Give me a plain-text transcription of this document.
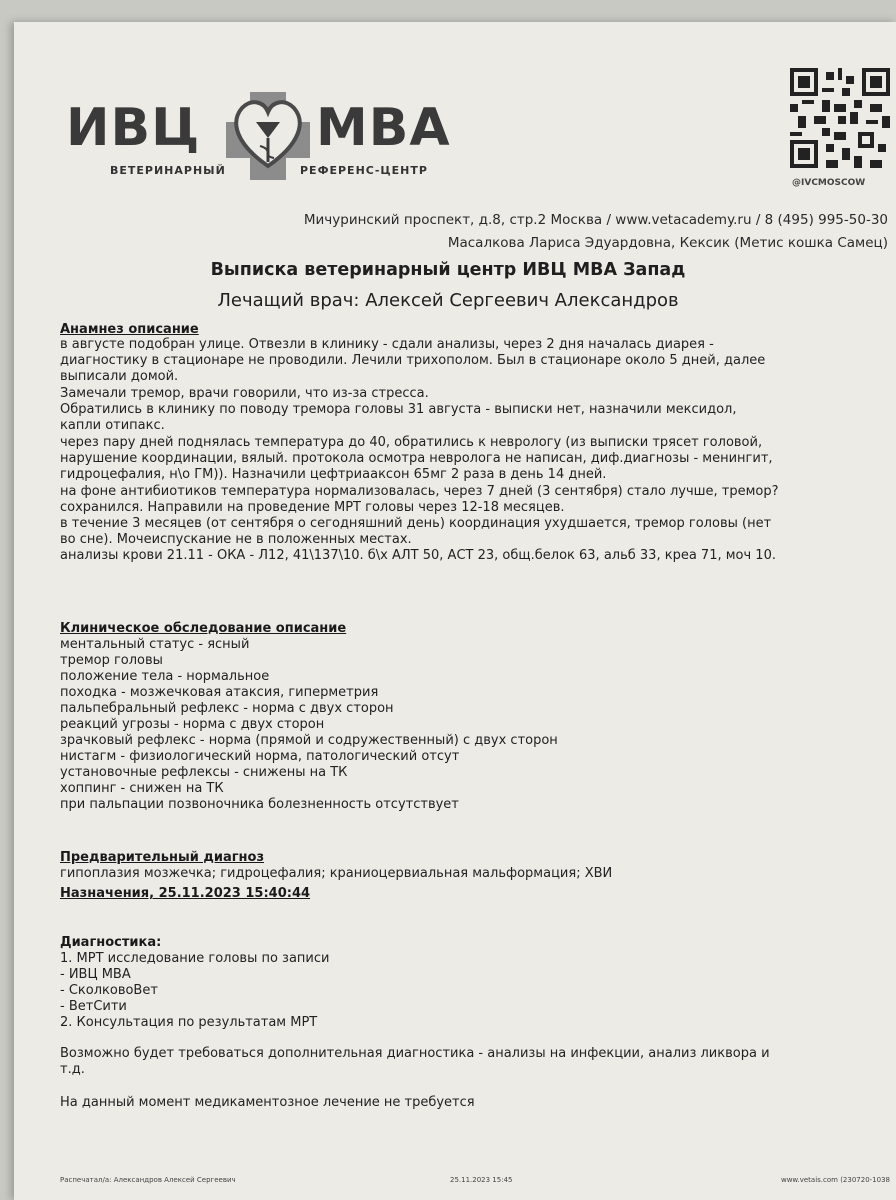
ИВЦ МВА
ВЕТЕРИНАРНЫЙ	РЕФЕРЕНС-ЦЕНТР
@IVCMOSCOW
Мичуринский проспект, д.8, стр.2 Москва / www.vetacademy.ru / 8 (495) 995-50-30
Масалкова Лариса Эдуардовна, Кексик (Метис кошка Самец)
Выписка ветеринарный центр ИВЦ МВА Запад
Лечащий врач: Алексей Сергеевич Александров
Анамнез описание
в августе подобран улице. Отвезли в клинику - сдали анализы, через 2 дня началась диарея -
диагностику в стационаре не проводили. Лечили трихополом. Был в стационаре около 5 дней, далее
выписали домой.
Замечали тремор, врачи говорили, что из-за стресса.
Обратились в клинику по поводу тремора головы 31 августа - выписки нет, назначили мексидол,
капли отипакс.
через пару дней поднялась температура до 40, обратились к неврологу (из выписки трясет головой,
нарушение координации, вялый. протокола осмотра невролога не написан, диф.диагнозы - менингит,
гидроцефалия, н\о ГМ)). Назначили цефтриааксон 65мг 2 раза в день 14 дней.
на фоне антибиотиков температура нормализовалась, через 7 дней (3 сентября) стало лучше, тремор?
сохранился. Направили на проведение МРТ головы через 12-18 месяцев.
в течение 3 месяцев (от сентября о сегодняшний день) координация ухудшается, тремор головы (нет
во сне). Мочеиспускание не в положенных местах.
анализы крови 21.11 - ОКА - Л12, 41\137\10. б\х АЛТ 50, АСТ 23, общ.белок 63, альб 33, креа 71, моч 10.
Клиническое обследование описание
ментальный статус - ясный
тремор головы
положение тела - нормальное
походка - мозжечковая атаксия, гиперметрия
пальпебральный рефлекс - норма с двух сторон
реакций угрозы - норма с двух сторон
зрачковый рефлекс - норма (прямой и содружественный) с двух сторон
нистагм - физиологический норма, патологический отсут
установочные рефлексы - снижены на ТК
хоппинг - снижен на ТК
при пальпации позвоночника болезненность отсутствует
Предварительный диагноз
гипоплазия мозжечка; гидроцефалия; краниоцервиальная мальформация; ХВИ
Назначения, 25.11.2023 15:40:44
Диагностика:
1. МРТ исследование головы по записи
- ИВЦ МВА
- СколковоВет
- ВетСити
2. Консультация по результатам МРТ
Возможно будет требоваться дополнительная диагностика - анализы на инфекции, анализ ликвора и
т.д.
На данный момент медикаментозное лечение не требуется
Распечатал/а: Александров Алексей Сергеевич	25.11.2023 15:45	www.vetais.com (230720-1038
